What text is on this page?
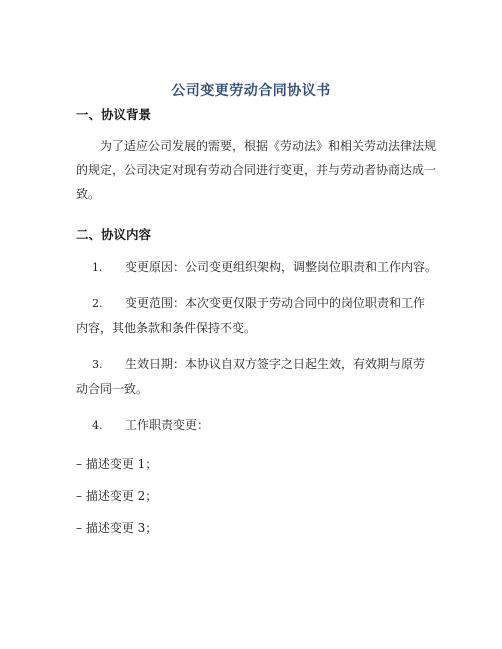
公司变更劳动合同协议书
一、协议背景
为了适应公司发展的需要，根据《劳动法》和相关劳动法律法规
的规定，公司决定对现有劳动合同进行变更，并与劳动者协商达成一
致。
二、协议内容
1. 变更原因：公司变更组织架构，调整岗位职责和工作内容。
2. 变更范围：本次变更仅限于劳动合同中的岗位职责和工作
内容，其他条款和条件保持不变。
3. 生效日期：本协议自双方签字之日起生效，有效期与原劳
动合同一致。
4. 工作职责变更：
– 描述变更 1；
– 描述变更 2；
– 描述变更 3；
